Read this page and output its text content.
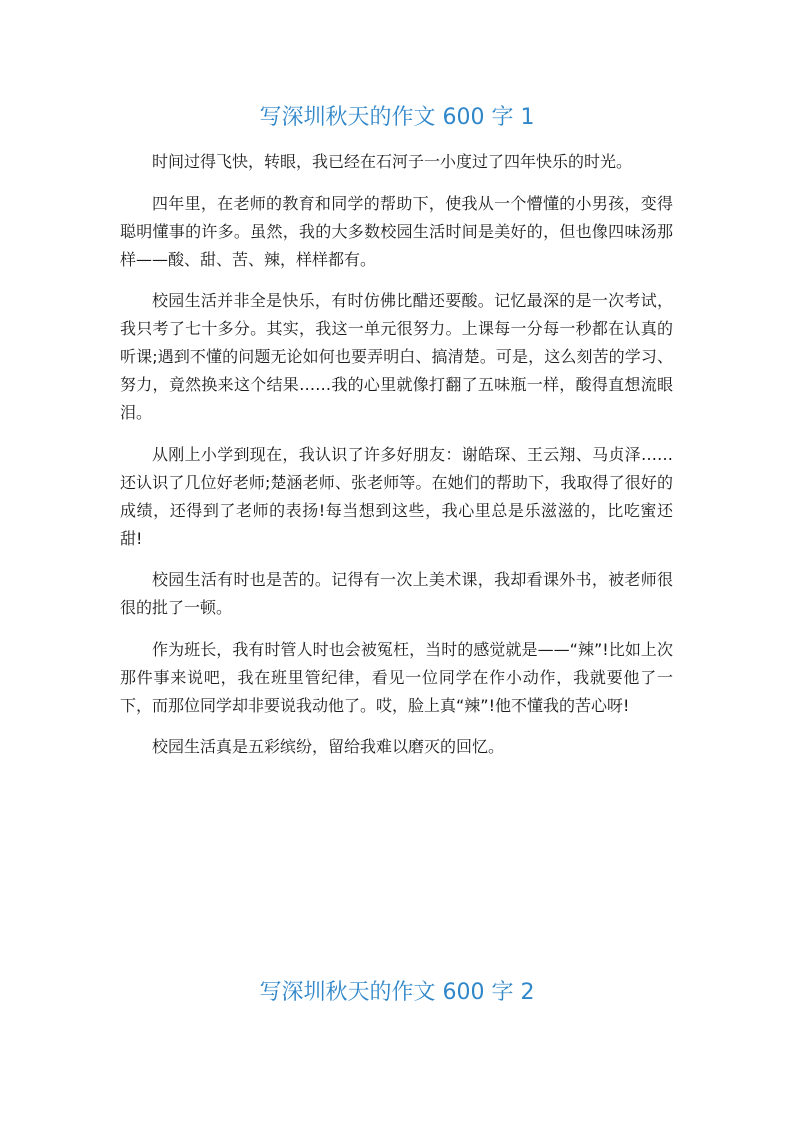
写深圳秋天的作文 600 字 1

时间过得飞快，转眼，我已经在石河子一小度过了四年快乐的时光。

四年里，在老师的教育和同学的帮助下，使我从一个懵懂的小男孩，变得聪明懂事的许多。虽然，我的大多数校园生活时间是美好的，但也像四味汤那样——酸、甜、苦、辣，样样都有。

校园生活并非全是快乐，有时仿佛比醋还要酸。记忆最深的是一次考试，我只考了七十多分。其实，我这一单元很努力。上课每一分每一秒都在认真的听课;遇到不懂的问题无论如何也要弄明白、搞清楚。可是，这么刻苦的学习、努力，竟然换来这个结果……我的心里就像打翻了五味瓶一样，酸得直想流眼泪。

从刚上小学到现在，我认识了许多好朋友：谢皓琛、王云翔、马贞泽……还认识了几位好老师;楚涵老师、张老师等。在她们的帮助下，我取得了很好的成绩，还得到了老师的表扬!每当想到这些，我心里总是乐滋滋的，比吃蜜还甜!

校园生活有时也是苦的。记得有一次上美术课，我却看课外书，被老师很很的批了一顿。

作为班长，我有时管人时也会被冤枉，当时的感觉就是——“辣”!比如上次那件事来说吧，我在班里管纪律，看见一位同学在作小动作，我就要他了一下，而那位同学却非要说我动他了。哎，脸上真“辣”!他不懂我的苦心呀!

校园生活真是五彩缤纷，留给我难以磨灭的回忆。

写深圳秋天的作文 600 字 2
